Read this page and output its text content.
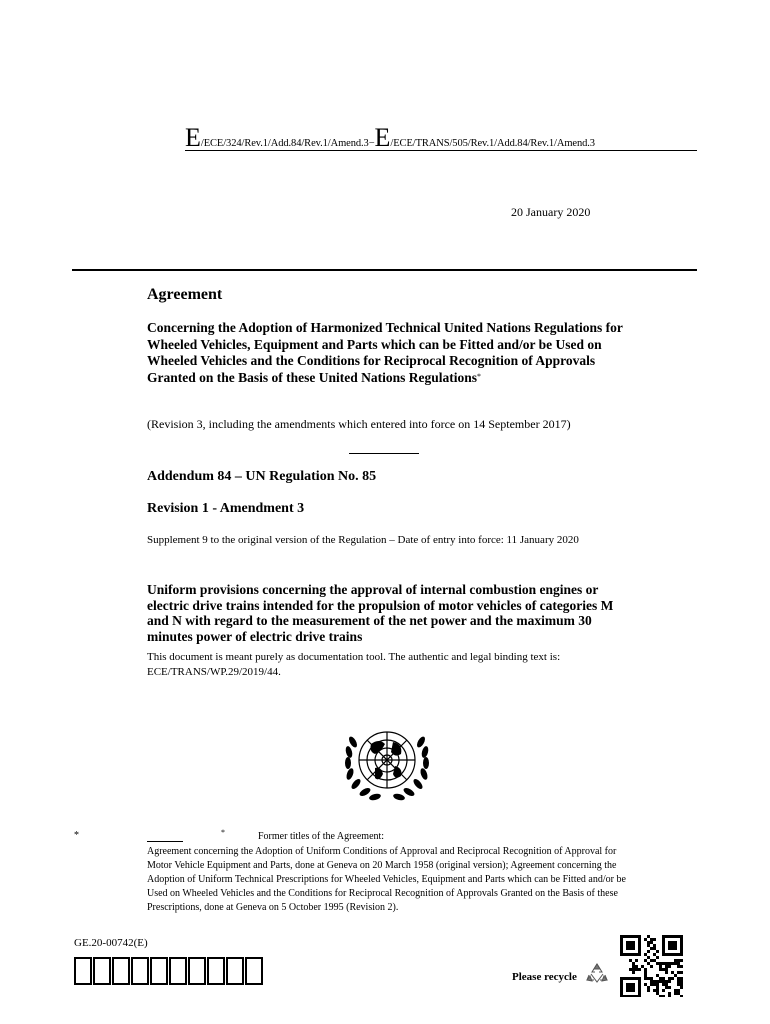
E/ECE/324/Rev.1/Add.84/Rev.1/Amend.3−E/ECE/TRANS/505/Rev.1/Add.84/Rev.1/Amend.3
20 January 2020
Agreement
Concerning the Adoption of Harmonized Technical United Nations Regulations for Wheeled Vehicles, Equipment and Parts which can be Fitted and/or be Used on Wheeled Vehicles and the Conditions for Reciprocal Recognition of Approvals Granted on the Basis of these United Nations Regulations*
(Revision 3, including the amendments which entered into force on 14 September 2017)
Addendum 84 – UN Regulation No. 85
Revision 1 - Amendment 3
Supplement 9 to the original version of the Regulation – Date of entry into force: 11 January 2020
Uniform provisions concerning the approval of internal combustion engines or electric drive trains intended for the propulsion of motor vehicles of categories M and N with regard to the measurement of the net power and the maximum 30 minutes power of electric drive trains
This document is meant purely as documentation tool. The authentic and legal binding text is: ECE/TRANS/WP.29/2019/44.
*	*	Former titles of the Agreement:
Agreement concerning the Adoption of Uniform Conditions of Approval and Reciprocal Recognition of Approval for Motor Vehicle Equipment and Parts, done at Geneva on 20 March 1958 (original version); Agreement concerning the Adoption of Uniform Technical Prescriptions for Wheeled Vehicles, Equipment and Parts which can be Fitted and/or be Used on Wheeled Vehicles and the Conditions for Reciprocal Recognition of Approvals Granted on the Basis of these Prescriptions, done at Geneva on 5 October 1995 (Revision 2).
GE.20-00742(E)
Please recycle
